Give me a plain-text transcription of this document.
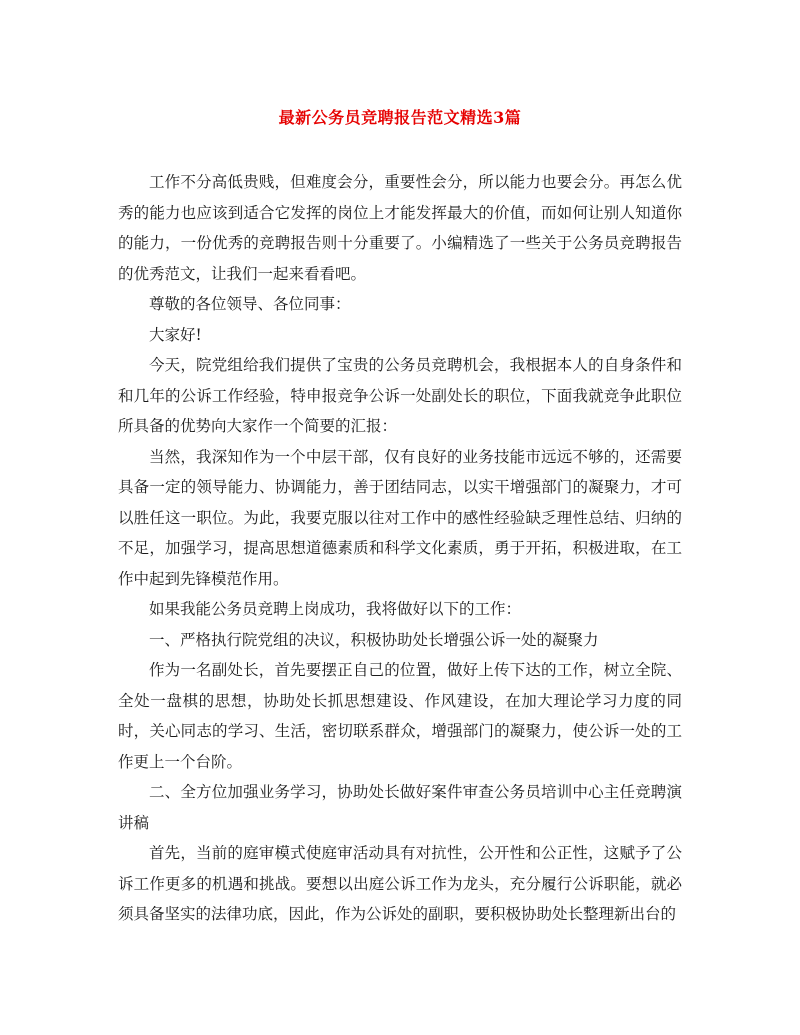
最新公务员竞聘报告范文精选3篇

工作不分高低贵贱，但难度会分，重要性会分，所以能力也要会分。再怎么优秀的能力也应该到适合它发挥的岗位上才能发挥最大的价值，而如何让别人知道你的能力，一份优秀的竞聘报告则十分重要了。小编精选了一些关于公务员竞聘报告的优秀范文，让我们一起来看看吧。

尊敬的各位领导、各位同事：

大家好!

今天，院党组给我们提供了宝贵的公务员竞聘机会，我根据本人的自身条件和和几年的公诉工作经验，特申报竞争公诉一处副处长的职位，下面我就竞争此职位所具备的优势向大家作一个简要的汇报：

当然，我深知作为一个中层干部，仅有良好的业务技能市远远不够的，还需要具备一定的领导能力、协调能力，善于团结同志，以实干增强部门的凝聚力，才可以胜任这一职位。为此，我要克服以往对工作中的感性经验缺乏理性总结、归纳的不足，加强学习，提高思想道德素质和科学文化素质，勇于开拓，积极进取，在工作中起到先锋模范作用。

如果我能公务员竞聘上岗成功，我将做好以下的工作：

一、严格执行院党组的决议，积极协助处长增强公诉一处的凝聚力

作为一名副处长，首先要摆正自己的位置，做好上传下达的工作，树立全院、全处一盘棋的思想，协助处长抓思想建设、作风建设，在加大理论学习力度的同时，关心同志的学习、生活，密切联系群众，增强部门的凝聚力，使公诉一处的工作更上一个台阶。

二、全方位加强业务学习，协助处长做好案件审查公务员培训中心主任竞聘演讲稿

首先，当前的庭审模式使庭审活动具有对抗性，公开性和公正性，这赋予了公诉工作更多的机遇和挑战。要想以出庭公诉工作为龙头，充分履行公诉职能，就必须具备坚实的法律功底，因此，作为公诉处的副职，要积极协助处长整理新出台的
